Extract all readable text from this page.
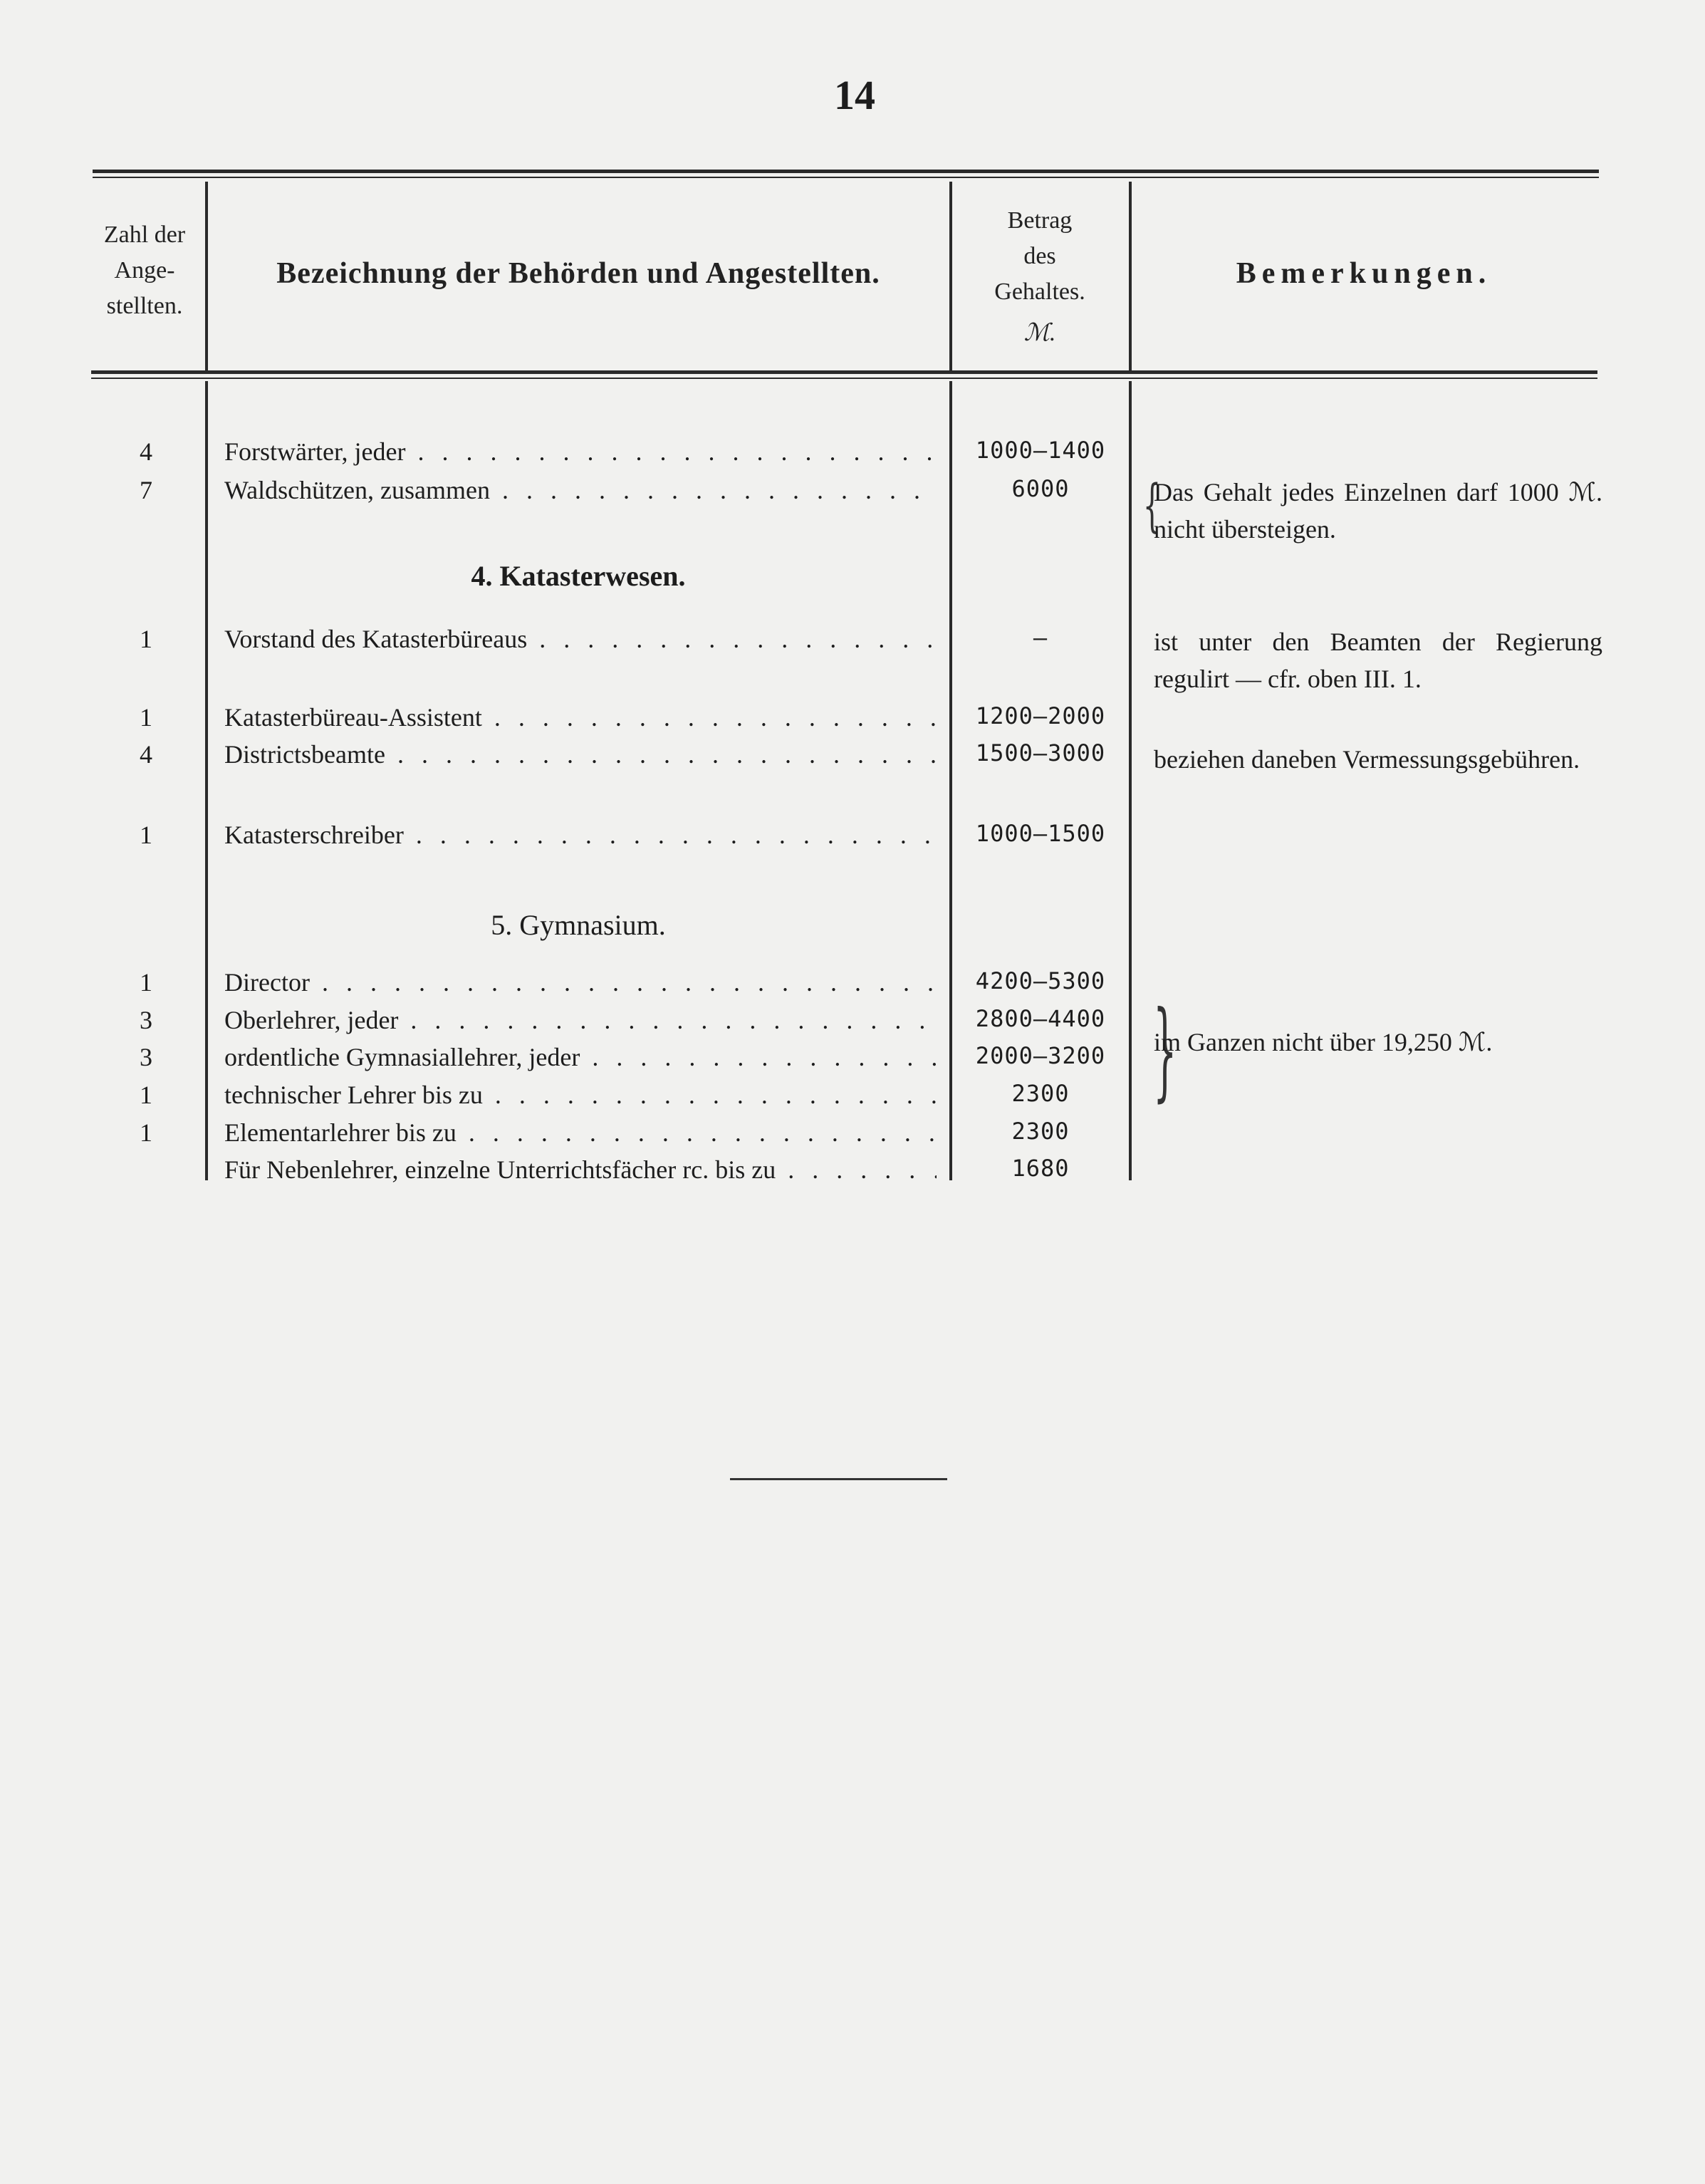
14
Zahl der
Ange-
stellten.
Bezeichnung der Behörden und Angestellten.
Betrag
des
Gehaltes.
ℳ.
Bemerkungen.
4	Forstwärter, jeder . . .	1000—1400
7	Waldschützen, zusammen . . .	6000	{
Das Gehalt jedes Einzelnen darf 1000 ℳ. nicht übersteigen.
4. Katasterwesen.
1	Vorstand des Katasterbüreaus . . .	—	ist unter den Beamten der Regierung regulirt — cfr. oben III. 1.
1	Katasterbüreau-Assistent . . .	1200—2000
4	Districtsbeamte . . .	1500—3000	beziehen daneben Vermessungsgebühren.
1	Katasterschreiber . . .	1000—1500
5. Gymnasium.
1	Director . . .	4200—5300
3	Oberlehrer, jeder . . .	2800—4400
3	ordentliche Gymnasiallehrer, jeder . . .	2000—3200
1	technischer Lehrer bis zu . . .	2300
1	Elementarlehrer bis zu . . .	2300
Für Nebenlehrer, einzelne Unterrichtsfächer rc. bis zu . . .	1680
}
im Ganzen nicht über 19,250 ℳ.
